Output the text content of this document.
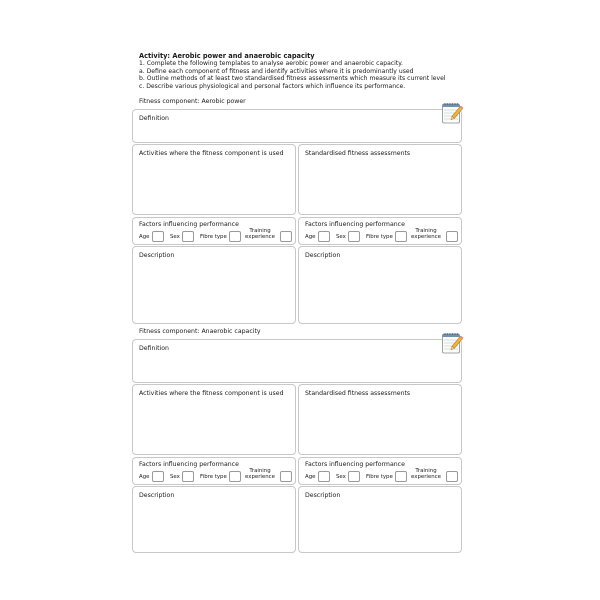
Activity: Aerobic power and anaerobic capacity
1. Complete the following templates to analyse aerobic power and anaerobic capacity.
a. Define each component of fitness and identify activities where it is predominantly used
b. Outline methods of at least two standardised fitness assessments which measure its current level
c. Describe various physiological and personal factors which influence its performance.
Fitness component: Aerobic power
Definition
Activities where the fitness component is used	Standardised fitness assessments
Factors influencing performance
Age	Sex	Fibre type
Training experience
Factors influencing performance
Age	Sex	Fibre type
Training experience
Description	Description
Fitness component: Anaerobic capacity
Definition
Activities where the fitness component is used	Standardised fitness assessments
Factors influencing performance
Age	Sex	Fibre type
Training experience
Factors influencing performance
Age	Sex	Fibre type
Training experience
Description	Description
